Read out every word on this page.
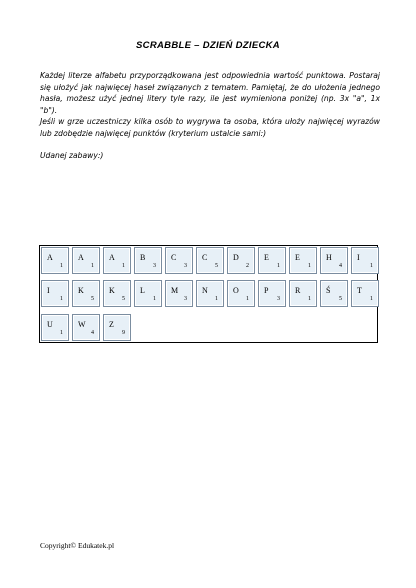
SCRABBLE – DZIEŃ DZIECKA

Każdej literze alfabetu przyporządkowana jest odpowiednia wartość punktowa. Postaraj się ułożyć jak najwięcej haseł związanych z tematem. Pamiętaj, że do ułożenia jednego hasła, możesz użyć jednej litery tyle razy, ile jest wymieniona poniżej (np. 3x "a", 1x "b").

Jeśli w grze uczestniczy kilka osób to wygrywa ta osoba, która ułoży najwięcej wyrazów lub zdobędzie najwięcej punktów (kryterium ustalcie sami:)

Udanej zabawy:)

A
1
A
1
A
1
B
3
C
3
C
5
D
2
E
1
E
1
H
4
I
1
I
1
K
5
K
5
L
1
M
3
N
1
O
1
P
3
R
1
Ś
5
T
1
U
1
W
4
Z
9
Copyright© Edukatek.pl
